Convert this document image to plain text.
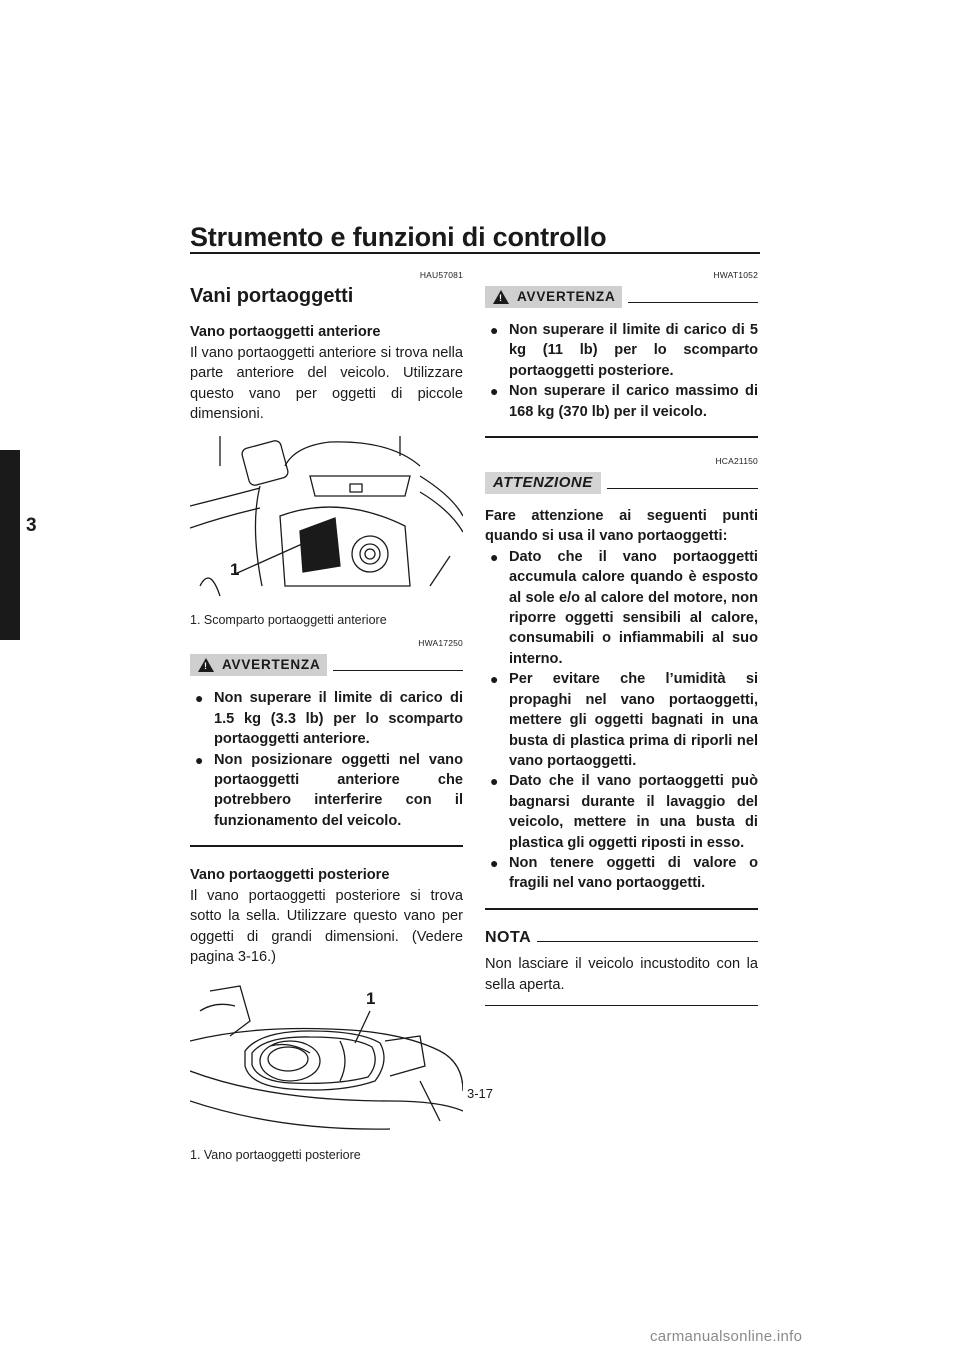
Strumento e funzioni di controllo
3
HAU57081
Vani portaoggetti
Vano portaoggetti anteriore

Il vano portaoggetti anteriore si trova nella parte anteriore del veicolo. Utilizzare questo vano per oggetti di piccole dimensioni.

1
1. Scomparto portaoggetti anteriore
HWA17250
! AVVERTENZA
● Non superare il limite di carico di 1.5 kg (3.3 lb) per lo scomparto portaoggetti anteriore.
● Non posizionare oggetti nel vano portaoggetti anteriore che potrebbero interferire con il funzionamento del veicolo.
Vano portaoggetti posteriore

Il vano portaoggetti posteriore si trova sotto la sella. Utilizzare questo vano per oggetti di grandi dimensioni. (Vedere pagina 3-16.)

1
1. Vano portaoggetti posteriore
HWAT1052
! AVVERTENZA
● Non superare il limite di carico di 5 kg (11 lb) per lo scomparto portaoggetti posteriore.
● Non superare il carico massimo di 168 kg (370 lb) per il veicolo.
HCA21150
ATTENZIONE

Fare attenzione ai seguenti punti quando si usa il vano portaoggetti:

● Dato che il vano portaoggetti accumula calore quando è esposto al sole e/o al calore del motore, non riporre oggetti sensibili al calore, consumabili o infiammabili al suo interno.
● Per evitare che l’umidità si propaghi nel vano portaoggetti, mettere gli oggetti bagnati in una busta di plastica prima di riporli nel vano portaoggetti.
● Dato che il vano portaoggetti può bagnarsi durante il lavaggio del veicolo, mettere in una busta di plastica gli oggetti riposti in esso.
● Non tenere oggetti di valore o fragili nel vano portaoggetti.
NOTA

Non lasciare il veicolo incustodito con la sella aperta.

3-17
carmanualsonline.info
